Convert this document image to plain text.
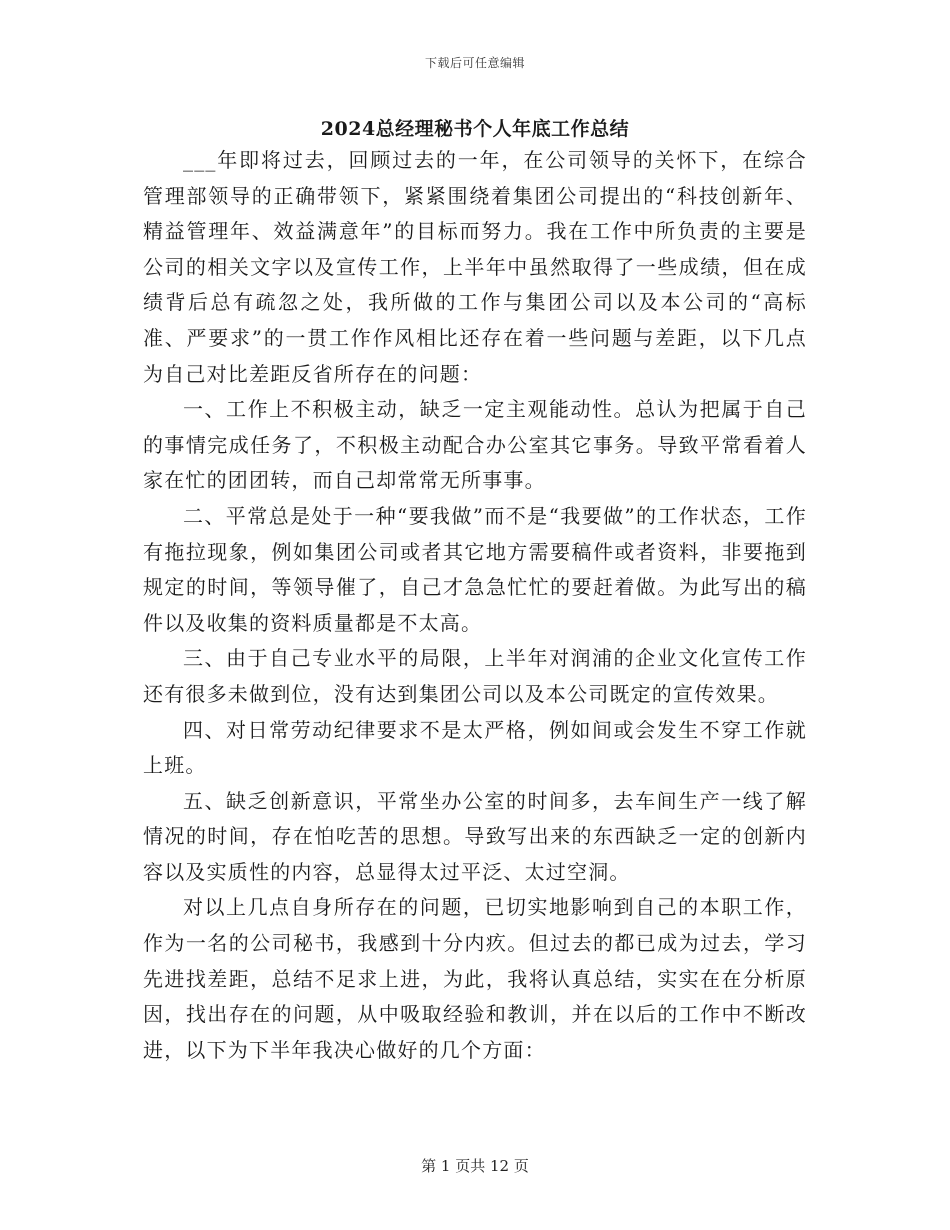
下载后可任意编辑
2024总经理秘书个人年底工作总结

___年即将过去，回顾过去的一年，在公司领导的关怀下，在综合管理部领导的正确带领下，紧紧围绕着集团公司提出的“科技创新年、精益管理年、效益满意年”的目标而努力。我在工作中所负责的主要是公司的相关文字以及宣传工作，上半年中虽然取得了一些成绩，但在成绩背后总有疏忽之处，我所做的工作与集团公司以及本公司的“高标准、严要求”的一贯工作作风相比还存在着一些问题与差距，以下几点为自己对比差距反省所存在的问题：

一、工作上不积极主动，缺乏一定主观能动性。总认为把属于自己的事情完成任务了，不积极主动配合办公室其它事务。导致平常看着人家在忙的团团转，而自己却常常无所事事。

二、平常总是处于一种“要我做”而不是“我要做”的工作状态，工作有拖拉现象，例如集团公司或者其它地方需要稿件或者资料，非要拖到规定的时间，等领导催了，自己才急急忙忙的要赶着做。为此写出的稿件以及收集的资料质量都是不太高。

三、由于自己专业水平的局限，上半年对润浦的企业文化宣传工作还有很多未做到位，没有达到集团公司以及本公司既定的宣传效果。

四、对日常劳动纪律要求不是太严格，例如间或会发生不穿工作就上班。

五、缺乏创新意识，平常坐办公室的时间多，去车间生产一线了解情况的时间，存在怕吃苦的思想。导致写出来的东西缺乏一定的创新内容以及实质性的内容，总显得太过平泛、太过空洞。

对以上几点自身所存在的问题，已切实地影响到自己的本职工作，作为一名的公司秘书，我感到十分内疚。但过去的都已成为过去，学习先进找差距，总结不足求上进，为此，我将认真总结，实实在在分析原因，找出存在的问题，从中吸取经验和教训，并在以后的工作中不断改进，以下为下半年我决心做好的几个方面：

第 1 页共 12 页
